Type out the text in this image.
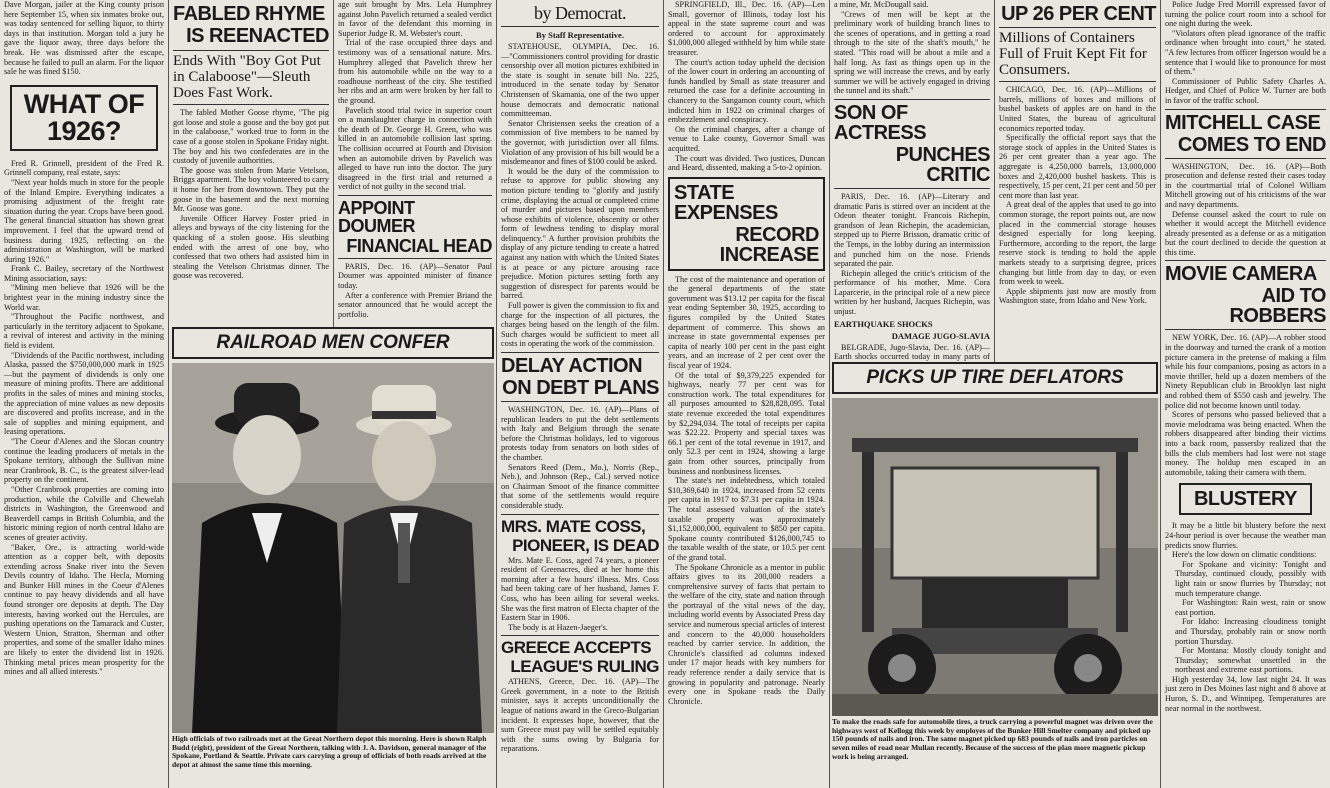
Dave Morgan, jailer at the King county prison here September 15, when six inmates broke out, was today sentenced for selling liquor, to thirty days in that institution. Morgan told a jury he gave the liquor away, three days before the break. He was dismissed after the escape, because he failed to pull an alarm. For the liquor sale he was fined $150.

WHAT OF 1926?

Fred R. Grinnell, president of the Fred R. Grinnell company, real estate, says:

"Next year holds much in store for the people of the Inland Empire. Everything indicates a promising adjustment of the freight rate situation during the year. Crops have been good. The general financial situation has shown great improvement. I feel that the upward trend of business during 1925, reflecting on the administration at Washington, will be marked during 1926."

Frank C. Bailey, secretary of the Northwest Mining association, says:

"Mining men believe that 1926 will be the brightest year in the mining industry since the World war.

"Throughout the Pacific northwest, and particularly in the territory adjacent to Spokane, a revival of interest and activity in the mining field is evident.

"Dividends of the Pacific northwest, including Alaska, passed the $750,000,000 mark in 1925—but the payment of dividends is only one measure of mining profits. There are additional profits in the sales of mines and mining stocks, the appreciation of mine values as new deposits are discovered and profits increase, and in the sale of supplies and mining equipment, and leasing operations.

"The Coeur d'Alenes and the Slocan country continue the leading producers of metals in the Spokane territory, although the Sullivan mine near Cranbrook, B. C., is the greatest silver-lead property on the continent.

"Other Cranbrook properties are coming into production, while the Colville and Chewelah districts in Washington, the Greenwood and Beaverdell camps in British Columbia, and the historic mining region of north central Idaho are scenes of greater activity.

"Baker, Ore., is attracting world-wide attention as a copper belt, with deposits extending across Snake river into the Seven Devils country of Idaho. The Hecla, Morning and Bunker Hill mines in the Coeur d'Alenes continue to pay heavy dividends and all have found stronger ore deposits at depth. The Day interests, having worked out the Hercules, are pushing operations on the Tamarack and Custer, Western Union, Stratton, Sherman and other properties, and some of the smaller Idaho mines are likely to enter the dividend list in 1926. Thinking metal prices mean prosperity for the mines and all allied interests."

FABLED RHYME
IS REENACTED
Ends With "Boy Got Put in Calaboose"—Sleuth Does Fast Work.

The fabled Mother Goose rhyme, "The pig got loose and stole a goose and the boy got put in the calaboose," worked true to form in the case of a goose stolen in Spokane Friday night. The boy and his two confederates are in the custody of juvenile authorities.

The goose was stolen from Marie Vetelson, Briggs apartment. The boy volunteered to carry it home for her from downtown. They put the goose in the basement and the next morning Mr. Goose was gone.

Juvenile Officer Harvey Foster pried in alleys and byways of the city listening for the quacking of a stolen goose. His sleuthing ended with the arrest of one boy, who confessed that two others had assisted him in stealing the Vetelson Christmas dinner. The goose was recovered.

age suit brought by Mrs. Lela Humphrey against John Pavelich returned a sealed verdict in favor of the defendant this morning in Superior Judge R. M. Webster's court.

Trial of the case occupied three days and testimony was of a sensational nature. Mrs. Humphrey alleged that Pavelich threw her from his automobile while on the way to a roadhouse northeast of the city. She testified her ribs and an arm were broken by her fall to the ground.

Pavelich stood trial twice in superior court on a manslaughter charge in connection with the death of Dr. George H. Green, who was killed in an automobile collision last spring. The collision occurred at Fourth and Division when an automobile driven by Pavelich was alleged to have run into the doctor. The jury disagreed in the first trial and returned a verdict of not guilty in the second trial.

APPOINT DOUMER
FINANCIAL HEAD

PARIS, Dec. 16. (AP)—Senator Paul Doumer was appointed minister of finance today.

After a conference with Premier Briand the senator announced that he would accept the portfolio.

RAILROAD MEN CONFER
High officials of two railroads met at the Great Northern depot this morning. Here is shown Ralph Budd (right), president of the Great Northern, talking with J. A. Davidson, general manager of the Spokane, Portland & Seattle. Private cars carrying a group of officials of both roads arrived at the depot at almost the same time this morning.
by Democrat.
By Staff Representative.

STATEHOUSE, OLYMPIA, Dec. 16.—"Commissioners control providing for drastic censorship over all motion pictures exhibited in the state is sought in senate bill No. 225, introduced in the senate today by Senator Christensen of Skamania, one of the two upper house democrats and democratic national committeeman.

Senator Christensen seeks the creation of a commission of five members to be named by the governor, with jurisdiction over all films. Violation of any provision of his bill would be a misdemeanor and fines of $100 could be asked.

It would be the duty of the commission to refuse to approve for public showing any motion picture tending to "glorify and justify crime, displaying the actual or completed crime of murder and pictures based upon members whose exhibits of violence, obscenity or other form of lewdness tending to display moral delinquency." A further provision prohibits the display of any picture tending to create a hatred against any nation with which the United States is at peace or any picture arousing race prejudice. Motion pictures setting forth any suggestion of disrespect for parents would be barred.

Full power is given the commission to fix and charge for the inspection of all pictures, the charges being based on the length of the film. Such charges would be sufficient to meet all costs in operating the work of the commission.

DELAY ACTION
ON DEBT PLANS

WASHINGTON, Dec. 16. (AP)—Plans of republican leaders to put the debt settlements with Italy and Belgium through the senate before the Christmas holidays, led to vigorous protests today from senators on both sides of the chamber.

Senators Reed (Dem., Mo.), Norris (Rep., Neb.), and Johnson (Rep., Cal.) served notice on Chairman Smoot of the finance committee that some of the settlements would require considerable study.

MRS. MATE COSS,
PIONEER, IS DEAD

Mrs. Mate E. Coss, aged 74 years, a pioneer resident of Greenacres, died at her home this morning after a few hours' illness. Mrs. Coss had been taking care of her husband, James F. Coss, who has been ailing for several weeks. She was the first matron of Electa chapter of the Eastern Star in 1906.

The body is at Hazen-Jaeger's.

GREECE ACCEPTS
LEAGUE'S RULING

ATHENS, Greece, Dec. 16. (AP)—The Greek government, in a note to the British minister, says it accepts unconditionally the league of nations award in the Greco-Bulgarian incident. It expresses hope, however, that the sum Greece must pay will be settled equitably with the sums owing by Bulgaria for reparations.

SPRINGFIELD, Ill., Dec. 16. (AP)—Len Small, governor of Illinois, today lost his appeal in the state supreme court and was ordered to account for approximately $1,000,000 alleged withheld by him while state treasurer.

The court's action today upheld the decision of the lower court in ordering an accounting of funds handled by Small as state treasurer and returned the case for a definite accounting in chancery to the Sangamon county court, which indicted him in 1922 on criminal charges of embezzlement and conspiracy.

On the criminal charges, after a change of venue to Lake county, Governor Small was acquitted.

The court was divided. Two justices, Duncan and Heard, dissented, making a 5-to-2 opinion.

STATE EXPENSES
RECORD INCREASE

The cost of the maintenance and operation of the general departments of the state government was $13.12 per capita for the fiscal year ending September 30, 1925, according to figures compiled by the United States department of commerce. This shows an increase in state governmental expenses per capita of nearly 100 per cent in the past eight years, and an increase of 2 per cent over the fiscal year of 1924.

Of the total of $9,379,225 expended for highways, nearly 77 per cent was for construction work. The total expenditures for all purposes amounted to $28,828,095. Total state revenue exceeded the total expenditures by $2,294,034. The total of receipts per capita was $22.22. Property and special taxes was 66.1 per cent of the total revenue in 1917, and only 52.3 per cent in 1924, showing a large gain from other sources, principally from business and nonbusiness licenses.

The state's net indebtedness, which totaled $10,369,640 in 1924, increased from 52 cents per capita in 1917 to $7.31 per capita in 1924. The total assessed valuation of the state's taxable property was approximately $1,152,000,000, equivalent to $850 per capita. Spokane county contributed $126,000,745 to the taxable wealth of the state, or 10.5 per cent of the grand total.

The Spokane Chronicle as a mentor in public affairs gives to its 200,000 readers a comprehensive survey of facts that pertain to the welfare of the city, state and nation through the portrayal of the vital news of the day, including world events by Associated Press day service and numerous special articles of interest and concern to the 40,000 householders reached by carrier service. In addition, the Chronicle's classified ad columns indexed under 17 major heads with key numbers for ready reference render a daily service that is growing in popularity and patronage. Nearly every one in Spokane reads the Daily Chronicle.

a mine, Mr. McDougall said.

"Crews of men will be kept at the preliminary work of building branch lines to the scenes of operations, and in getting a road through to the site of the shaft's mouth," he stated. "This road will be about a mile and a half long. As fast as things open up in the spring we will increase the crews, and by early summer we will be actively engaged in driving the tunnel and its shaft."

SON OF ACTRESS
PUNCHES CRITIC

PARIS, Dec. 16. (AP)—Literary and dramatic Paris is stirred over an incident at the Odeon theater tonight. Francois Richepin, grandson of Jean Richepin, the academician, stepped up to Pierre Brisson, dramatic critic of the Temps, in the lobby during an intermission and punched him on the nose. Friends separated the pair.

Richepin alleged the critic's criticism of the performance of his mother, Mme. Cora Laparcerie, in the principal role of a new piece written by her husband, Jacques Richepin, was unjust.

EARTHQUAKE SHOCKS
DAMAGE JUGO-SLAVIA

BELGRADE, Jugo-Slavia, Dec. 16. (AP)—Earth shocks occurred today in many parts of

UP 26 PER CENT
Millions of Containers Full of Fruit Kept Fit for Consumers.

CHICAGO, Dec. 16. (AP)—Millions of barrels, millions of boxes and millions of bushel baskets of apples are on hand in the United States, the bureau of agricultural economics reported today.

Specifically the official report says that the storage stock of apples in the United States is 26 per cent greater than a year ago. The aggregate is 4,250,000 barrels, 13,000,000 boxes and 2,420,000 bushel baskets. This is respectively, 15 per cent, 21 per cent and 50 per cent more than last year.

A great deal of the apples that used to go into common storage, the report points out, are now placed in the commercial storage houses designed especially for long keeping. Furthermore, according to the report, the large reserve stock is tending to hold the apple markets steady to a surprising degree, prices changing but little from day to day, or even from week to week.

Apple shipments just now are mostly from Washington state, from Idaho and New York.

PICKS UP TIRE DEFLATORS
To make the roads safe for automobile tires, a truck carrying a powerful magnet was driven over the highways west of Kellogg this week by employes of the Bunker Hill Smelter company and picked up 150 pounds of nails and iron. The same magnet picked up 683 pounds of nails and iron particles on seven miles of road near Mullan recently. Because of the success of the plan more magnetic pickup work is being arranged.

Police Judge Fred Morrill expressed favor of turning the police court room into a school for one night during the week.

"Violators often plead ignorance of the traffic ordinance when brought into court," he stated. "A few lectures from officer Ingerson would be a sentence that I would like to pronounce for most of them."

Commissioner of Public Safety Charles A. Hedger, and Chief of Police W. Turner are both in favor of the traffic school.

MITCHELL CASE
COMES TO END

WASHINGTON, Dec. 16. (AP)—Both prosecution and defense rested their cases today in the courtmartial trial of Colonel William Mitchell growing out of his criticisms of the war and navy departments.

Defense counsel asked the court to rule on whether it would accept the Mitchell evidence already presented as a defense or as a mitigation but the court declined to decide the question at this time.

MOVIE CAMERA
AID TO ROBBERS

NEW YORK, Dec. 16. (AP)—A robber stood in the doorway and turned the crank of a motion picture camera in the pretense of making a film while his four companions, posing as actors in a movie thriller, held up a dozen members of the Ninety Republican club in Brooklyn last night and robbed them of $550 cash and jewelry. The police did not become known until today.

Scores of persons who passed believed that a movie melodrama was being enacted. When the robbers disappeared after binding their victims into a back room, passersby realized that the bills the club members had lost were not stage money. The holdup men escaped in an automobile, taking their camera with them.

BLUSTERY

It may be a little bit blustery before the next 24-hour period is over because the weather man predicts snow flurries.

Here's the low down on climatic conditions:

For Spokane and vicinity: Tonight and Thursday, continued cloudy, possibly with light rain or snow flurries by Thursday; not much temperature change.

For Washington: Rain west, rain or snow east portion.

For Idaho: Increasing cloudiness tonight and Thursday, probably rain or snow north portion Thursday.

For Montana: Mostly cloudy tonight and Thursday; somewhat unsettled in the northeast and extreme east portions.

High yesterday 34, low last night 24. It was just zero in Des Moines last night and 8 above at Huron, S. D., and Winnipeg. Temperatures are near normal in the northwest.
